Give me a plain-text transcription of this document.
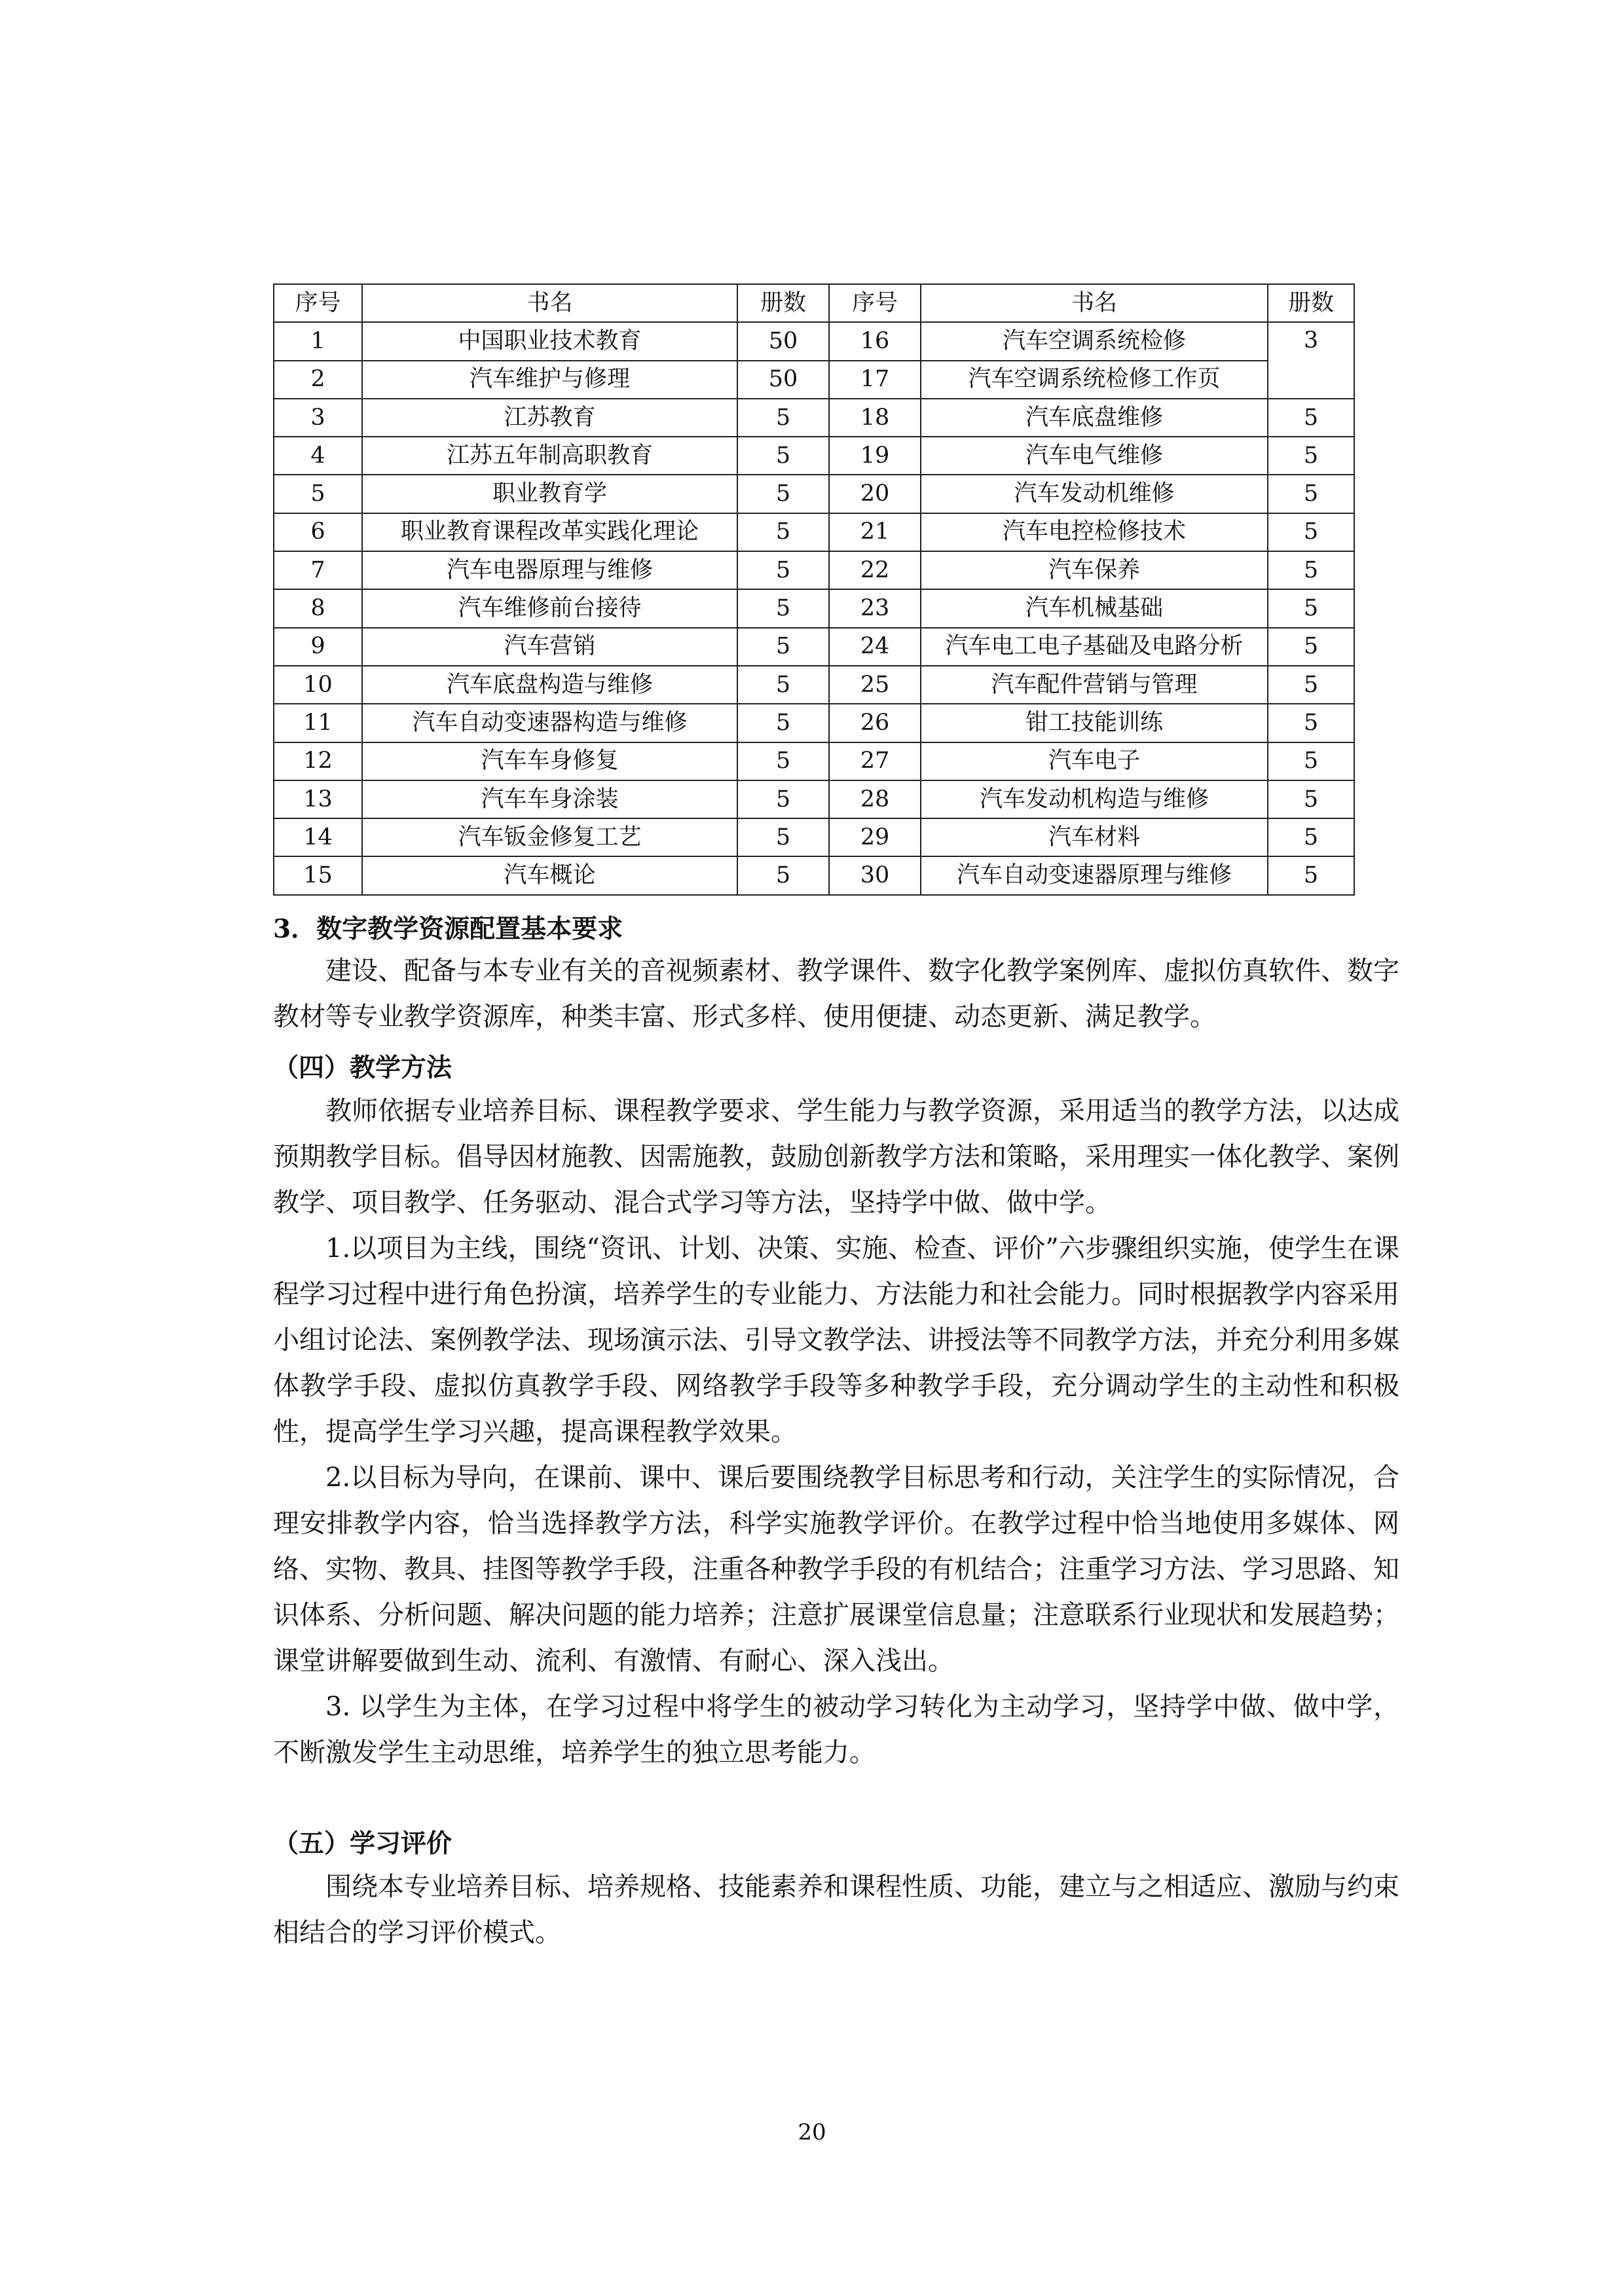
序号	书名	册数	序号	书名	册数
1	中国职业技术教育	50	16	汽车空调系统检修	3
2	汽车维护与修理	50	17	汽车空调系统检修工作页	
3	江苏教育	5	18	汽车底盘维修	5
4	江苏五年制高职教育	5	19	汽车电气维修	5
5	职业教育学	5	20	汽车发动机维修	5
6	职业教育课程改革实践化理论	5	21	汽车电控检修技术	5
7	汽车电器原理与维修	5	22	汽车保养	5
8	汽车维修前台接待	5	23	汽车机械基础	5
9	汽车营销	5	24	汽车电工电子基础及电路分析	5
10	汽车底盘构造与维修	5	25	汽车配件营销与管理	5
11	汽车自动变速器构造与维修	5	26	钳工技能训练	5
12	汽车车身修复	5	27	汽车电子	5
13	汽车车身涂装	5	28	汽车发动机构造与维修	5
14	汽车钣金修复工艺	5	29	汽车材料	5
15	汽车概论	5	30	汽车自动变速器原理与维修	5
3．数字教学资源配置基本要求
建设、配备与本专业有关的音视频素材、教学课件、数字化教学案例库、虚拟仿真软件、数字教材等专业教学资源库，种类丰富、形式多样、使用便捷、动态更新、满足教学。
（四）教学方法
教师依据专业培养目标、课程教学要求、学生能力与教学资源，采用适当的教学方法，以达成预期教学目标。倡导因材施教、因需施教，鼓励创新教学方法和策略，采用理实一体化教学、案例教学、项目教学、任务驱动、混合式学习等方法，坚持学中做、做中学。
1.以项目为主线，围绕“资讯、计划、决策、实施、检查、评价”六步骤组织实施，使学生在课程学习过程中进行角色扮演，培养学生的专业能力、方法能力和社会能力。同时根据教学内容采用小组讨论法、案例教学法、现场演示法、引导文教学法、讲授法等不同教学方法，并充分利用多媒体教学手段、虚拟仿真教学手段、网络教学手段等多种教学手段，充分调动学生的主动性和积极性，提高学生学习兴趣，提高课程教学效果。
2.以目标为导向，在课前、课中、课后要围绕教学目标思考和行动，关注学生的实际情况，合理安排教学内容，恰当选择教学方法，科学实施教学评价。在教学过程中恰当地使用多媒体、网络、实物、教具、挂图等教学手段，注重各种教学手段的有机结合；注重学习方法、学习思路、知识体系、分析问题、解决问题的能力培养；注意扩展课堂信息量；注意联系行业现状和发展趋势；课堂讲解要做到生动、流利、有激情、有耐心、深入浅出。
3. 以学生为主体，在学习过程中将学生的被动学习转化为主动学习，坚持学中做、做中学，不断激发学生主动思维，培养学生的独立思考能力。
（五）学习评价
围绕本专业培养目标、培养规格、技能素养和课程性质、功能，建立与之相适应、激励与约束相结合的学习评价模式。
20
